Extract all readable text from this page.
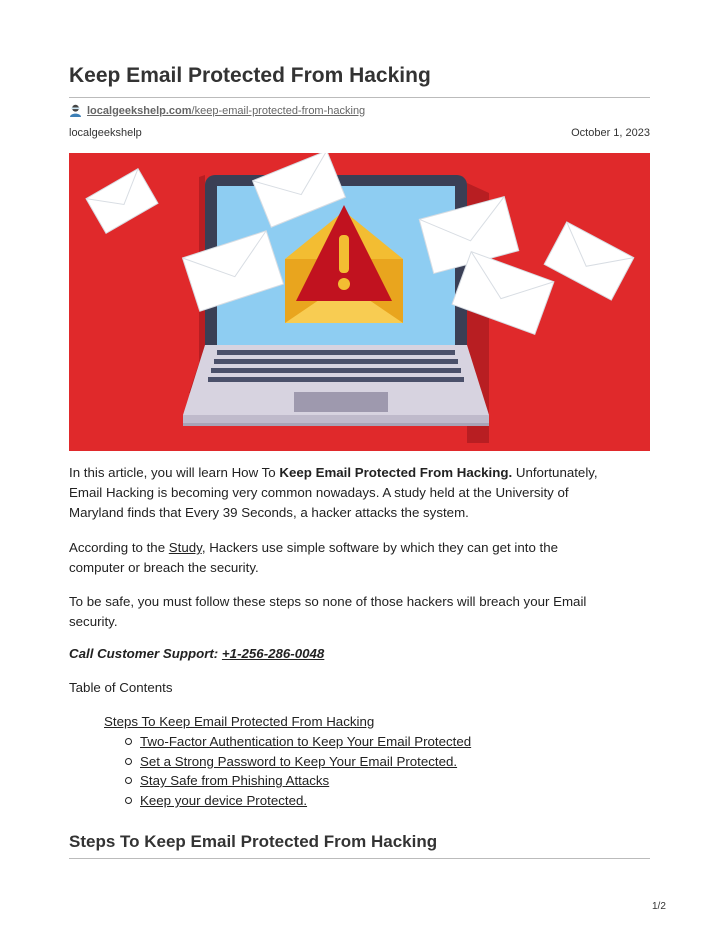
Keep Email Protected From Hacking
localgeekshelp.com/keep-email-protected-from-hacking
localgeekshelp	October 1, 2023

In this article, you will learn How To Keep Email Protected From Hacking. Unfortunately,
Email Hacking is becoming very common nowadays. A study held at the University of
Maryland finds that Every 39 Seconds, a hacker attacks the system.

According to the Study, Hackers use simple software by which they can get into the
computer or breach the security.

To be safe, you must follow these steps so none of those hackers will breach your Email
security.

Call Customer Support: +1-256-286-0048
Table of Contents
Steps To Keep Email Protected From Hacking
Two-Factor Authentication to Keep Your Email Protected
Set a Strong Password to Keep Your Email Protected.
Stay Safe from Phishing Attacks
Keep your device Protected.
Steps To Keep Email Protected From Hacking
1/2
